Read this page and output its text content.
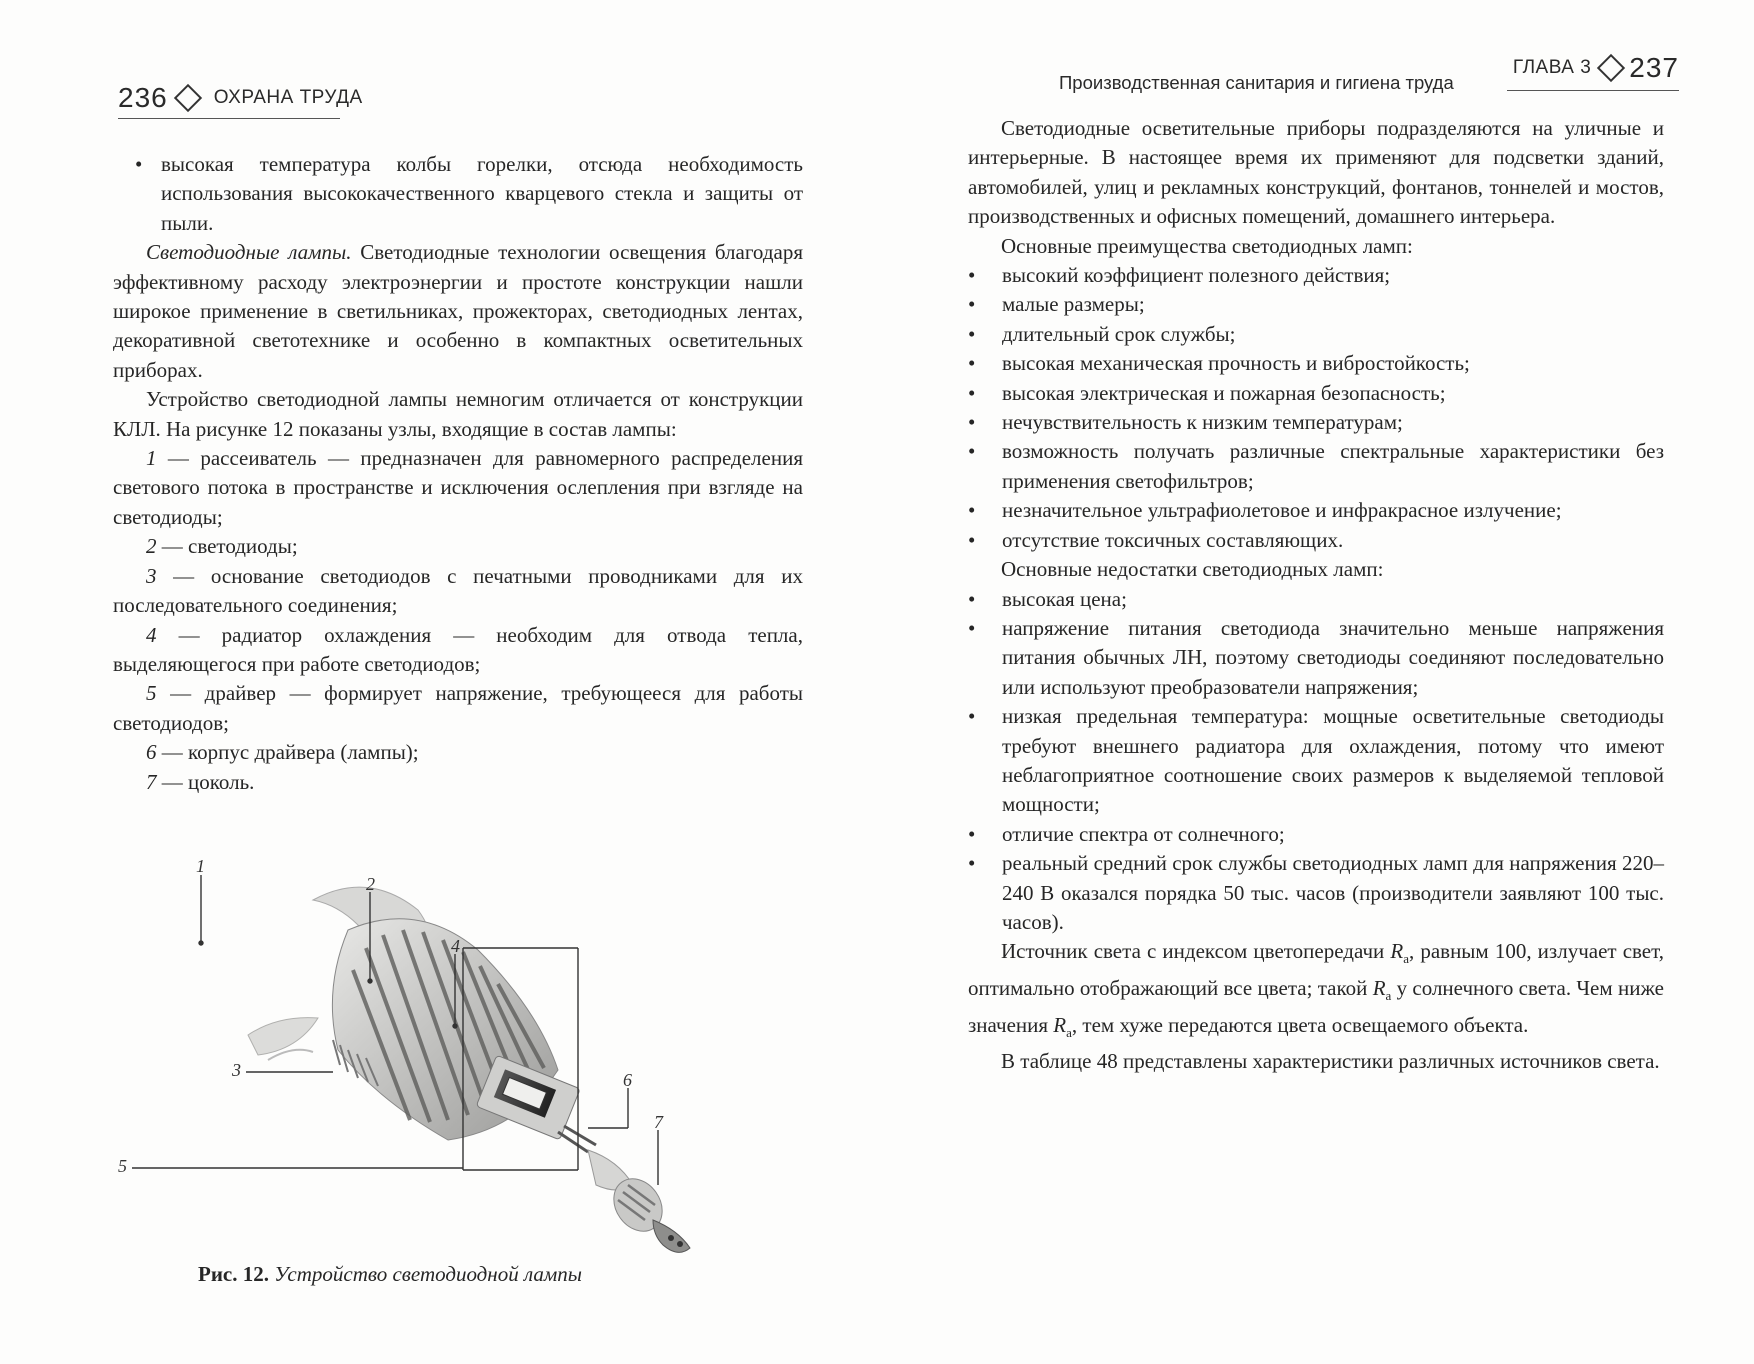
236 ОХРАНА ТРУДА

• высокая температура колбы горелки, отсюда необходимость использования высококачественного кварцевого стекла и защиты от пыли.

Светодиодные лампы. Светодиодные технологии освещения благодаря эффективному расходу электроэнергии и простоте конструкции нашли широкое применение в светильниках, прожекторах, светодиодных лентах, декоративной светотехнике и особенно в компактных осветительных приборах.

Устройство светодиодной лампы немногим отличается от конструкции КЛЛ. На рисунке 12 показаны узлы, входящие в состав лампы:

1 — рассеиватель — предназначен для равномерного распределения светового потока в пространстве и исключения ослепления при взгляде на светодиоды;

2 — светодиоды;

3 — основание светодиодов с печатными проводниками для их последовательного соединения;

4 — радиатор охлаждения — необходим для отвода тепла, выделяющегося при работе светодиодов;

5 — драйвер — формирует напряжение, требующееся для работы светодиодов;

6 — корпус драйвера (лампы);

7 — цоколь.

1
2
4
3
5
6
7
Рис. 12. Устройство светодиодной лампы
Производственная санитария и гигиена труда
ГЛАВА 3 237

Светодиодные осветительные приборы подразделяются на уличные и интерьерные. В настоящее время их применяют для подсветки зданий, автомобилей, улиц и рекламных конструкций, фонтанов, тоннелей и мостов, производственных и офисных помещений, домашнего интерьера.

Основные преимущества светодиодных ламп:

• высокий коэффициент полезного действия;

• малые размеры;

• длительный срок службы;

• высокая механическая прочность и вибростойкость;

• высокая электрическая и пожарная безопасность;

• нечувствительность к низким температурам;

• возможность получать различные спектральные характеристики без применения светофильтров;

• незначительное ультрафиолетовое и инфракрасное излучение;

• отсутствие токсичных составляющих.

Основные недостатки светодиодных ламп:

• высокая цена;

• напряжение питания светодиода значительно меньше напряжения питания обычных ЛН, поэтому светодиоды соединяют последовательно или используют преобразователи напряжения;

• низкая предельная температура: мощные осветительные светодиоды требуют внешнего радиатора для охлаждения, потому что имеют неблагоприятное соотношение своих размеров к выделяемой тепловой мощности;

• отличие спектра от солнечного;

• реальный средний срок службы светодиодных ламп для напряжения 220–240 В оказался порядка 50 тыс. часов (производители заявляют 100 тыс. часов).

Источник света с индексом цветопередачи $R_а$, равным 100, излучает свет, оптимально отображающий все цвета; такой $R_а$ у солнечного света. Чем ниже значения $R_а$, тем хуже передаются цвета освещаемого объекта.

В таблице 48 представлены характеристики различных источников света.
